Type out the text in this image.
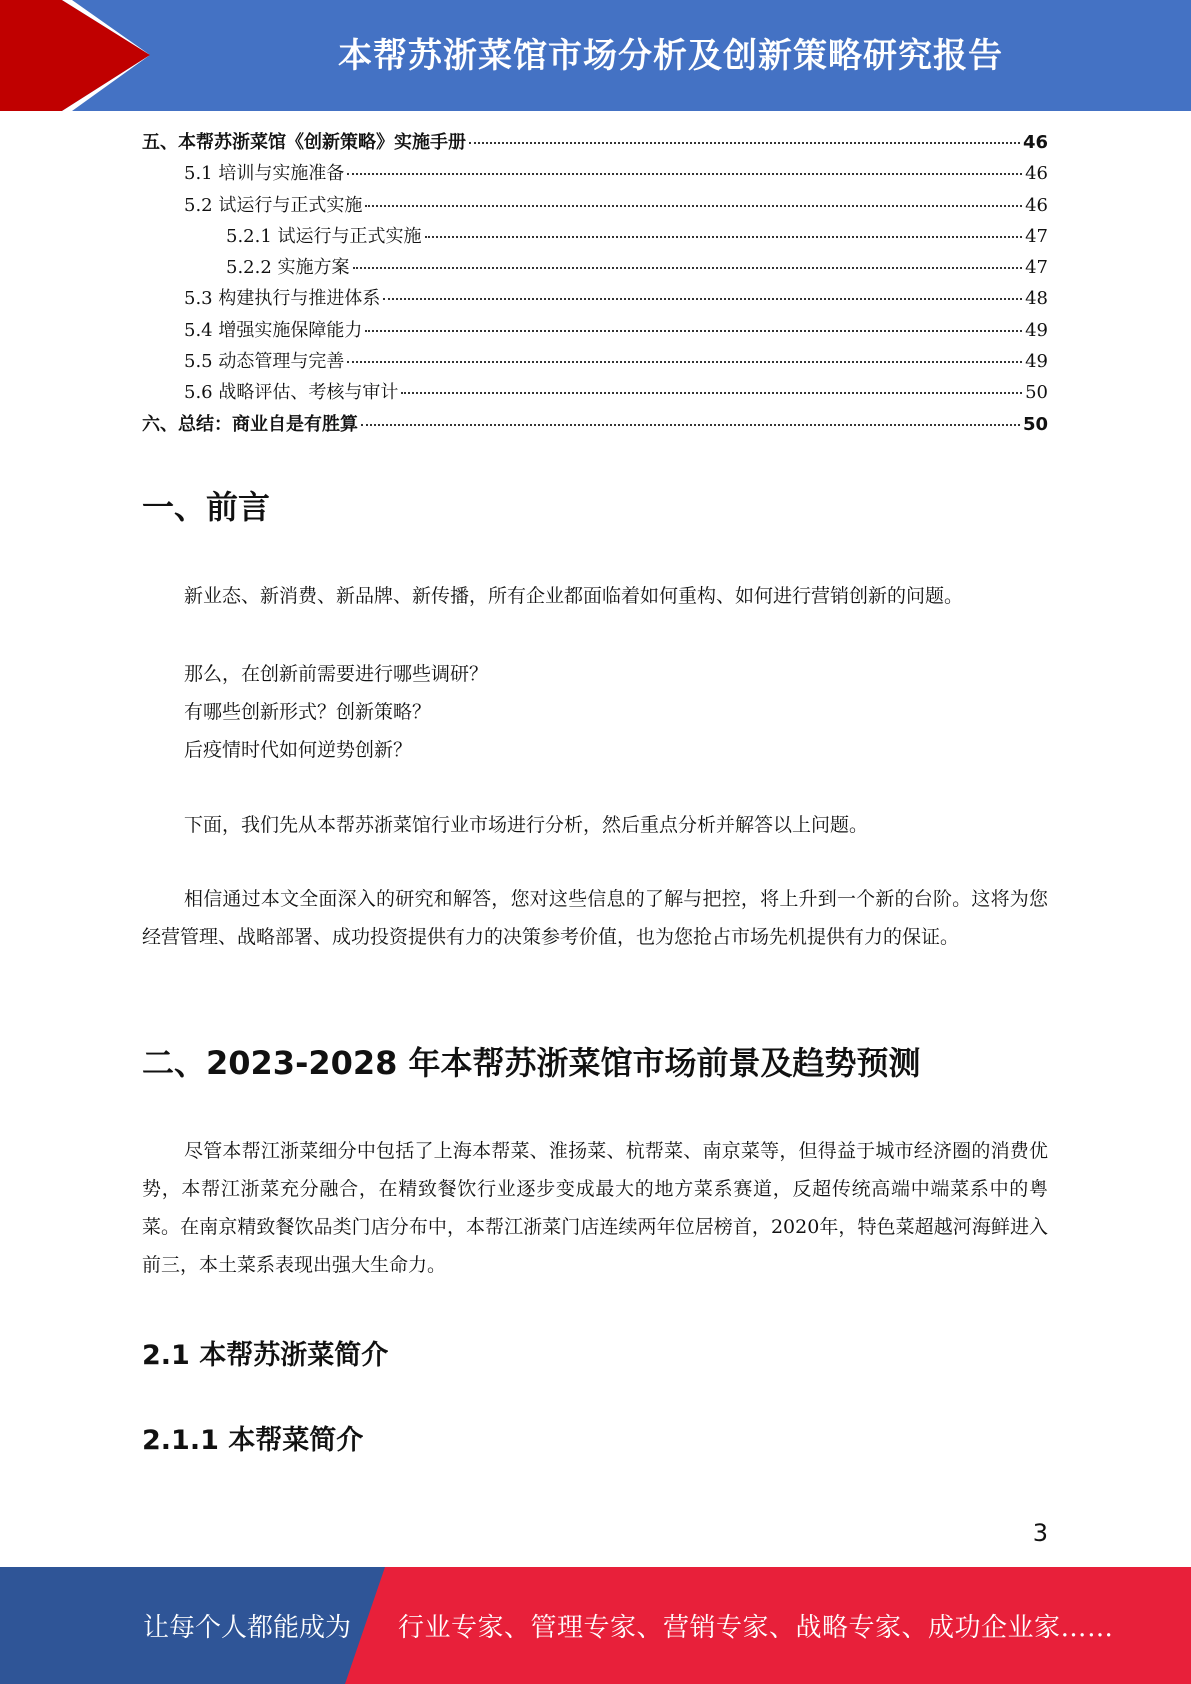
本帮苏浙菜馆市场分析及创新策略研究报告
五、本帮苏浙菜馆《创新策略》实施手册	46
5.1 培训与实施准备	46
5.2 试运行与正式实施	46
5.2.1 试运行与正式实施	47
5.2.2 实施方案	47
5.3 构建执行与推进体系	48
5.4 增强实施保障能力	49
5.5 动态管理与完善	49
5.6 战略评估、考核与审计	50
六、总结：商业自是有胜算	50
一、前言

新业态、新消费、新品牌、新传播，所有企业都面临着如何重构、如何进行营销创新的问题。

那么，在创新前需要进行哪些调研？

有哪些创新形式？创新策略？

后疫情时代如何逆势创新？

下面，我们先从本帮苏浙菜馆行业市场进行分析，然后重点分析并解答以上问题。

相信通过本文全面深入的研究和解答，您对这些信息的了解与把控，将上升到一个新的台阶。这将为您经营管理、战略部署、成功投资提供有力的决策参考价值，也为您抢占市场先机提供有力的保证。

二、2023-2028 年本帮苏浙菜馆市场前景及趋势预测

尽管本帮江浙菜细分中包括了上海本帮菜、淮扬菜、杭帮菜、南京菜等，但得益于城市经济圈的消费优势，本帮江浙菜充分融合，在精致餐饮行业逐步变成最大的地方菜系赛道，反超传统高端中端菜系中的粤菜。在南京精致餐饮品类门店分布中，本帮江浙菜门店连续两年位居榜首，2020年，特色菜超越河海鲜进入前三，本土菜系表现出强大生命力。

2.1 本帮苏浙菜简介
2.1.1 本帮菜简介
3
让每个人都能成为 行业专家、管理专家、营销专家、战略专家、成功企业家……
